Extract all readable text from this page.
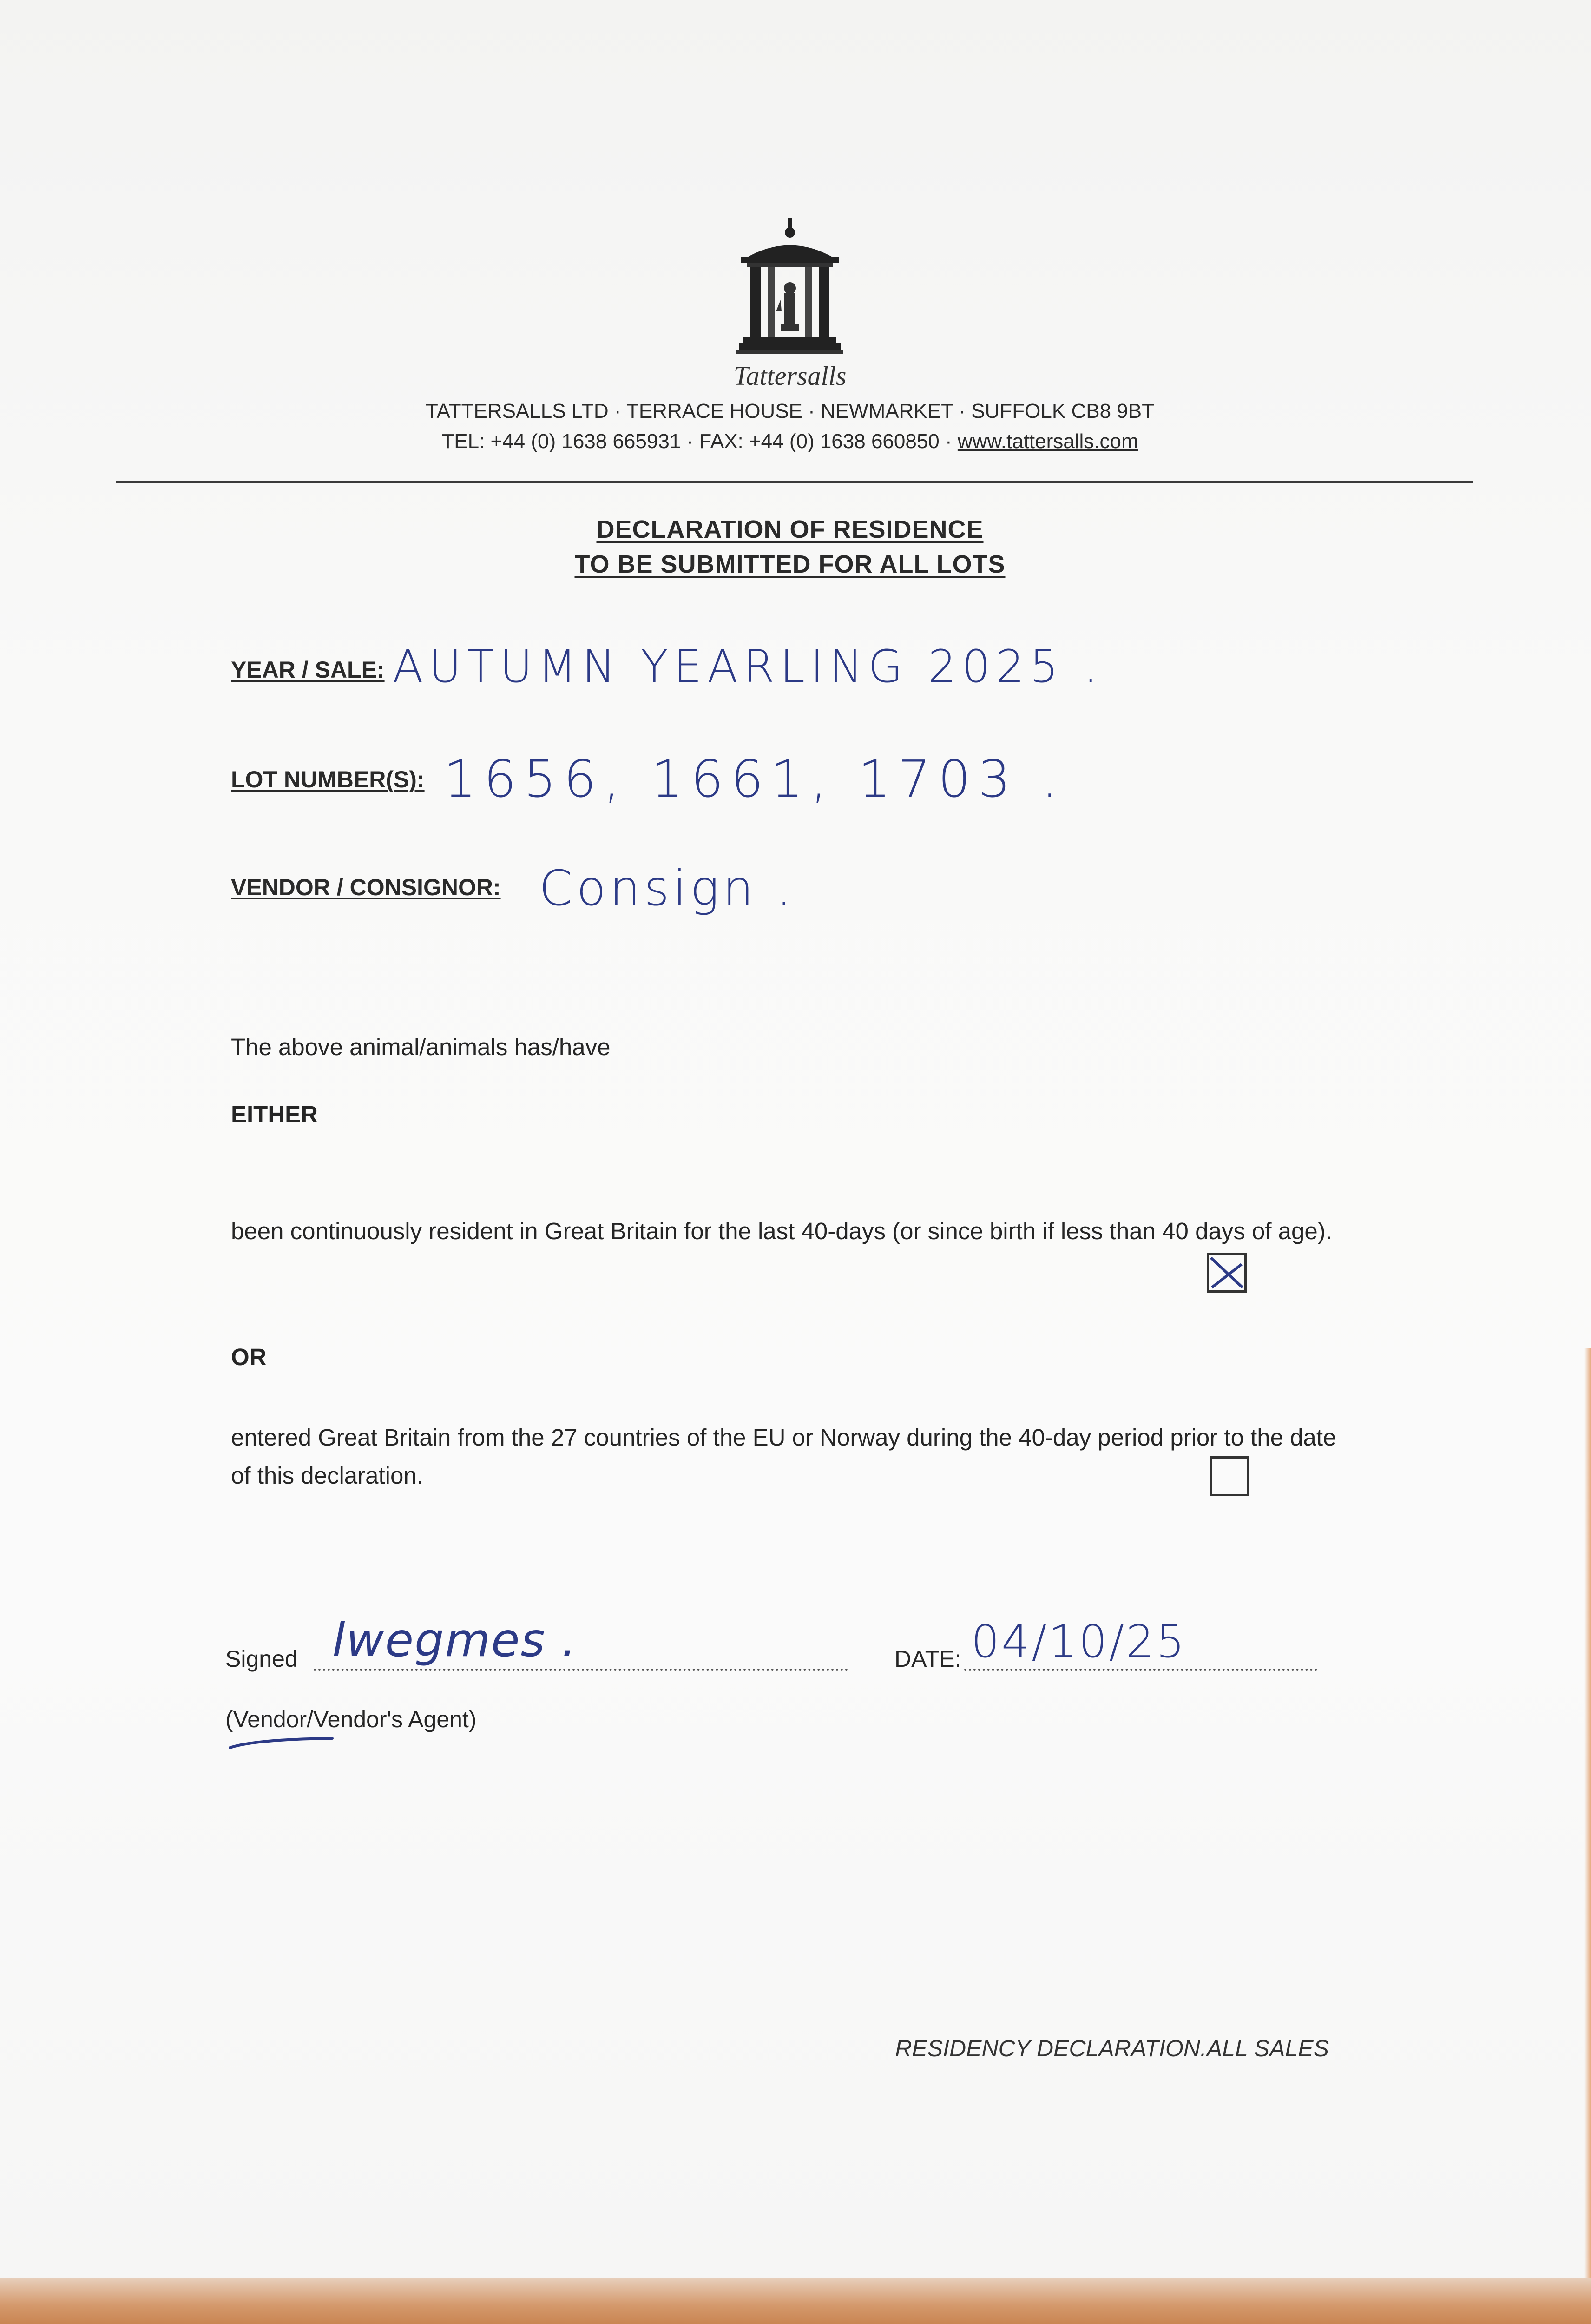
Tattersalls
TATTERSALLS LTD · TERRACE HOUSE · NEWMARKET · SUFFOLK CB8 9BT
TEL: +44 (0) 1638 665931 · FAX: +44 (0) 1638 660850 · www.tattersalls.com
DECLARATION OF RESIDENCE
TO BE SUBMITTED FOR ALL LOTS
YEAR / SALE: AUTUMN YEARLING 2025 .
LOT NUMBER(S): 1656, 1661, 1703 .
VENDOR / CONSIGNOR: Consign .
The above animal/animals has/have
EITHER
been continuously resident in Great Britain for the last 40-days (or since birth if less than 40 days of age).
OR
entered Great Britain from the 27 countries of the EU or Norway during the 40-day period prior to the date of this declaration.
Signed lwegmes .	DATE: 04/10/25
(Vendor/Vendor's Agent)
RESIDENCY DECLARATION.ALL SALES
